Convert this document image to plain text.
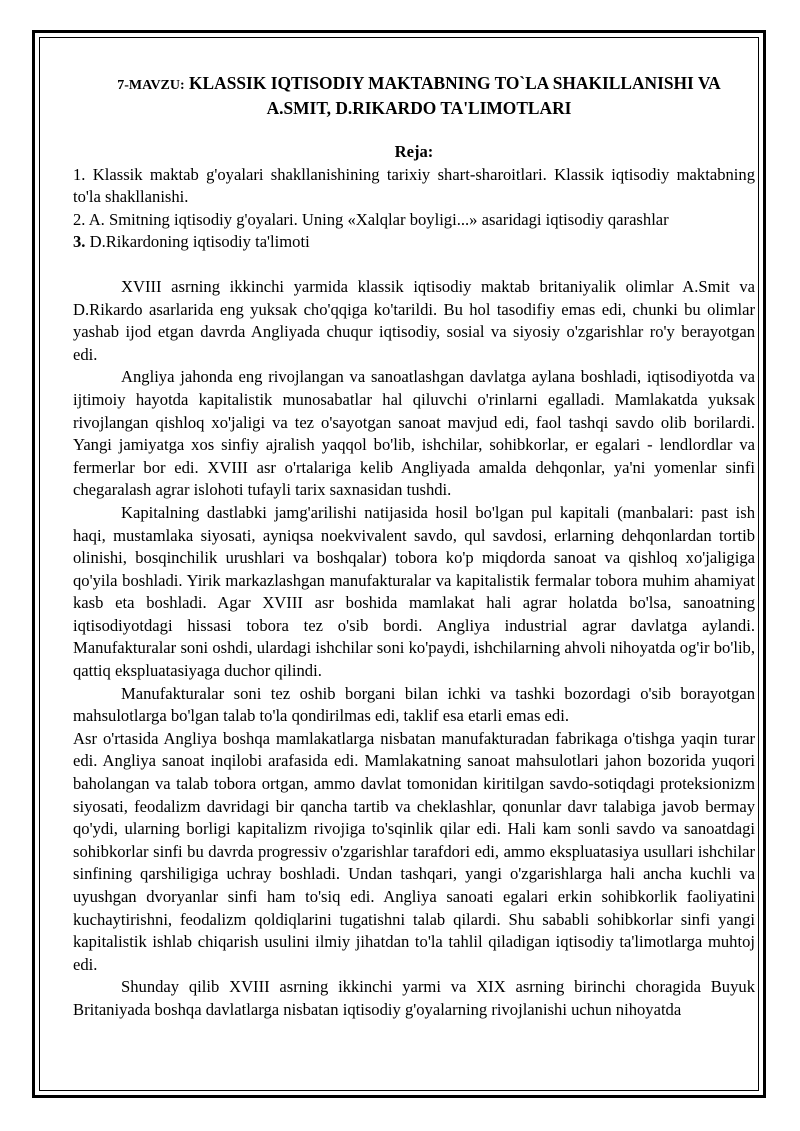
7-MAVZU: KLASSIK IQTISODIY MAKTABNING TO`LA SHAKILLANISHI VA
A.SMIT, D.RIKARDO TA'LIMOTLARI

Reja:

1. Klassik maktab g'oyalari shakllanishining tarixiy shart-sharoitlari. Klassik iqtisodiy maktabning to'la shakllanishi.

2. A. Smitning iqtisodiy g'oyalari. Uning «Xalqlar boyligi...» asaridagi iqtisodiy qarashlar

3. D.Rikardoning iqtisodiy ta'limoti

XVIII asrning ikkinchi yarmida klassik iqtisodiy maktab britaniyalik olimlar A.Smit va D.Rikardo asarlarida eng yuksak cho'qqiga ko'tarildi. Bu hol tasodifiy emas edi, chunki bu olimlar yashab ijod etgan davrda Angliyada chuqur iqtisodiy, sosial va siyosiy o'zgarishlar ro'y berayotgan edi.

Angliya jahonda eng rivojlangan va sanoatlashgan davlatga aylana boshladi, iqtisodiyotda va ijtimoiy hayotda kapitalistik munosabatlar hal qiluvchi o'rinlarni egalladi. Mamlakatda yuksak rivojlangan qishloq xo'jaligi va tez o'sayotgan sanoat mavjud edi, faol tashqi savdo olib borilardi. Yangi jamiyatga xos sinfiy ajralish yaqqol bo'lib, ishchilar, sohibkorlar, er egalari - lendlordlar va fermerlar bor edi. XVIII asr o'rtalariga kelib Angliyada amalda dehqonlar, ya'ni yomenlar sinfi chegaralash agrar islohoti tufayli tarix saxnasidan tushdi.

Kapitalning dastlabki jamg'arilishi natijasida hosil bo'lgan pul kapitali (manbalari: past ish haqi, mustamlaka siyosati, ayniqsa noekvivalent savdo, qul savdosi, erlarning dehqonlardan tortib olinishi, bosqinchilik urushlari va boshqalar) tobora ko'p miqdorda sanoat va qishloq xo'jaligiga qo'yila boshladi. Yirik markazlashgan manufakturalar va kapitalistik fermalar tobora muhim ahamiyat kasb eta boshladi. Agar XVIII asr boshida mamlakat hali agrar holatda bo'lsa, sanoatning iqtisodiyotdagi hissasi tobora tez o'sib bordi. Angliya industrial agrar davlatga aylandi. Manufakturalar soni oshdi, ulardagi ishchilar soni ko'paydi, ishchilarning ahvoli nihoyatda og'ir bo'lib, qattiq ekspluatasiyaga duchor qilindi.

Manufakturalar soni tez oshib borgani bilan ichki va tashki bozordagi o'sib borayotgan mahsulotlarga bo'lgan talab to'la qondirilmas edi, taklif esa etarli emas edi.

Asr o'rtasida Angliya boshqa mamlakatlarga nisbatan manufakturadan fabrikaga o'tishga yaqin turar edi. Angliya sanoat inqilobi arafasida edi. Mamlakatning sanoat mahsulotlari jahon bozorida yuqori baholangan va talab tobora ortgan, ammo davlat tomonidan kiritilgan savdo-sotiqdagi proteksionizm siyosati, feodalizm davridagi bir qancha tartib va cheklashlar, qonunlar davr talabiga javob bermay qo'ydi, ularning borligi kapitalizm rivojiga to'sqinlik qilar edi. Hali kam sonli savdo va sanoatdagi sohibkorlar sinfi bu davrda progressiv o'zgarishlar tarafdori edi, ammo ekspluatasiya usullari ishchilar sinfining qarshiligiga uchray boshladi. Undan tashqari, yangi o'zgarishlarga hali ancha kuchli va uyushgan dvoryanlar sinfi ham to'siq edi. Angliya sanoati egalari erkin sohibkorlik faoliyatini kuchaytirishni, feodalizm qoldiqlarini tugatishni talab qilardi. Shu sababli sohibkorlar sinfi yangi kapitalistik ishlab chiqarish usulini ilmiy jihatdan to'la tahlil qiladigan iqtisodiy ta'limotlarga muhtoj edi.

Shunday qilib XVIII asrning ikkinchi yarmi va XIX asrning birinchi choragida Buyuk Britaniyada boshqa davlatlarga nisbatan iqtisodiy g'oyalarning rivojlanishi uchun nihoyatda
